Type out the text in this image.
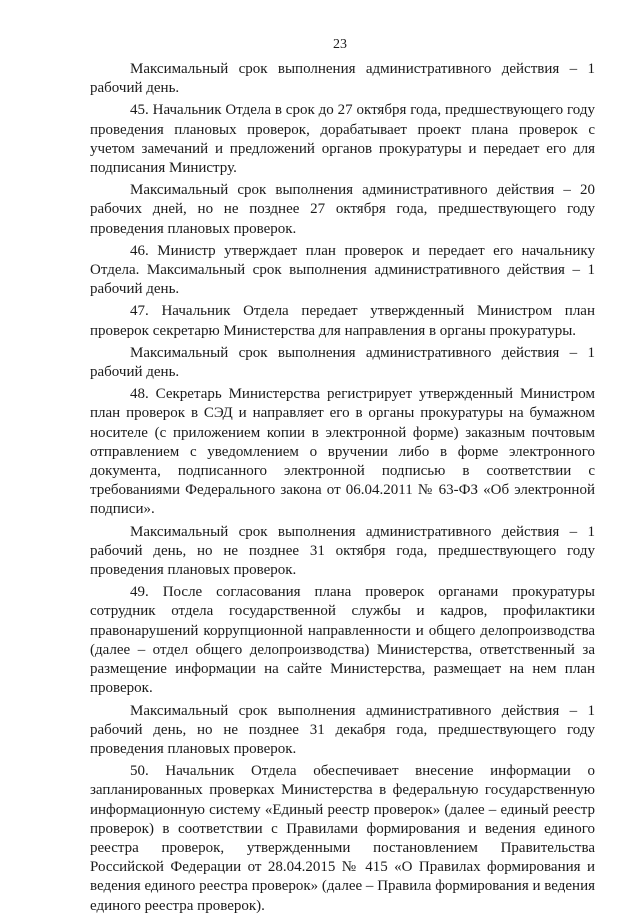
23

Максимальный срок выполнения административного действия – 1 рабочий день.

45. Начальник Отдела в срок до 27 октября года, предшествующего году проведения плановых проверок, дорабатывает проект плана проверок с учетом замечаний и предложений органов прокуратуры и передает его для подписания Министру.

Максимальный срок выполнения административного действия – 20 рабочих дней, но не позднее 27 октября года, предшествующего году проведения плановых проверок.

46. Министр утверждает план проверок и передает его начальнику Отдела. Максимальный срок выполнения административного действия – 1 рабочий день.

47. Начальник Отдела передает утвержденный Министром план проверок секретарю Министерства для направления в органы прокуратуры.

Максимальный срок выполнения административного действия – 1 рабочий день.

48. Секретарь Министерства регистрирует утвержденный Министром план проверок в СЭД и направляет его в органы прокуратуры на бумажном носителе (с приложением копии в электронной форме) заказным почтовым отправлением с уведомлением о вручении либо в форме электронного документа, подписанного электронной подписью в соответствии с требованиями Федерального закона от 06.04.2011 № 63-ФЗ «Об электронной подписи».

Максимальный срок выполнения административного действия – 1 рабочий день, но не позднее 31 октября года, предшествующего году проведения плановых проверок.

49. После согласования плана проверок органами прокуратуры сотрудник отдела государственной службы и кадров, профилактики правонарушений коррупционной направленности и общего делопроизводства (далее – отдел общего делопроизводства) Министерства, ответственный за размещение информации на сайте Министерства, размещает на нем план проверок.

Максимальный срок выполнения административного действия – 1 рабочий день, но не позднее 31 декабря года, предшествующего году проведения плановых проверок.

50. Начальник Отдела обеспечивает внесение информации о запланированных проверках Министерства в федеральную государственную информационную систему «Единый реестр проверок» (далее – единый реестр проверок) в соответствии с Правилами формирования и ведения единого реестра проверок, утвержденными постановлением Правительства Российской Федерации от 28.04.2015 № 415 «О Правилах формирования и ведения единого реестра проверок» (далее – Правила формирования и ведения единого реестра проверок).
